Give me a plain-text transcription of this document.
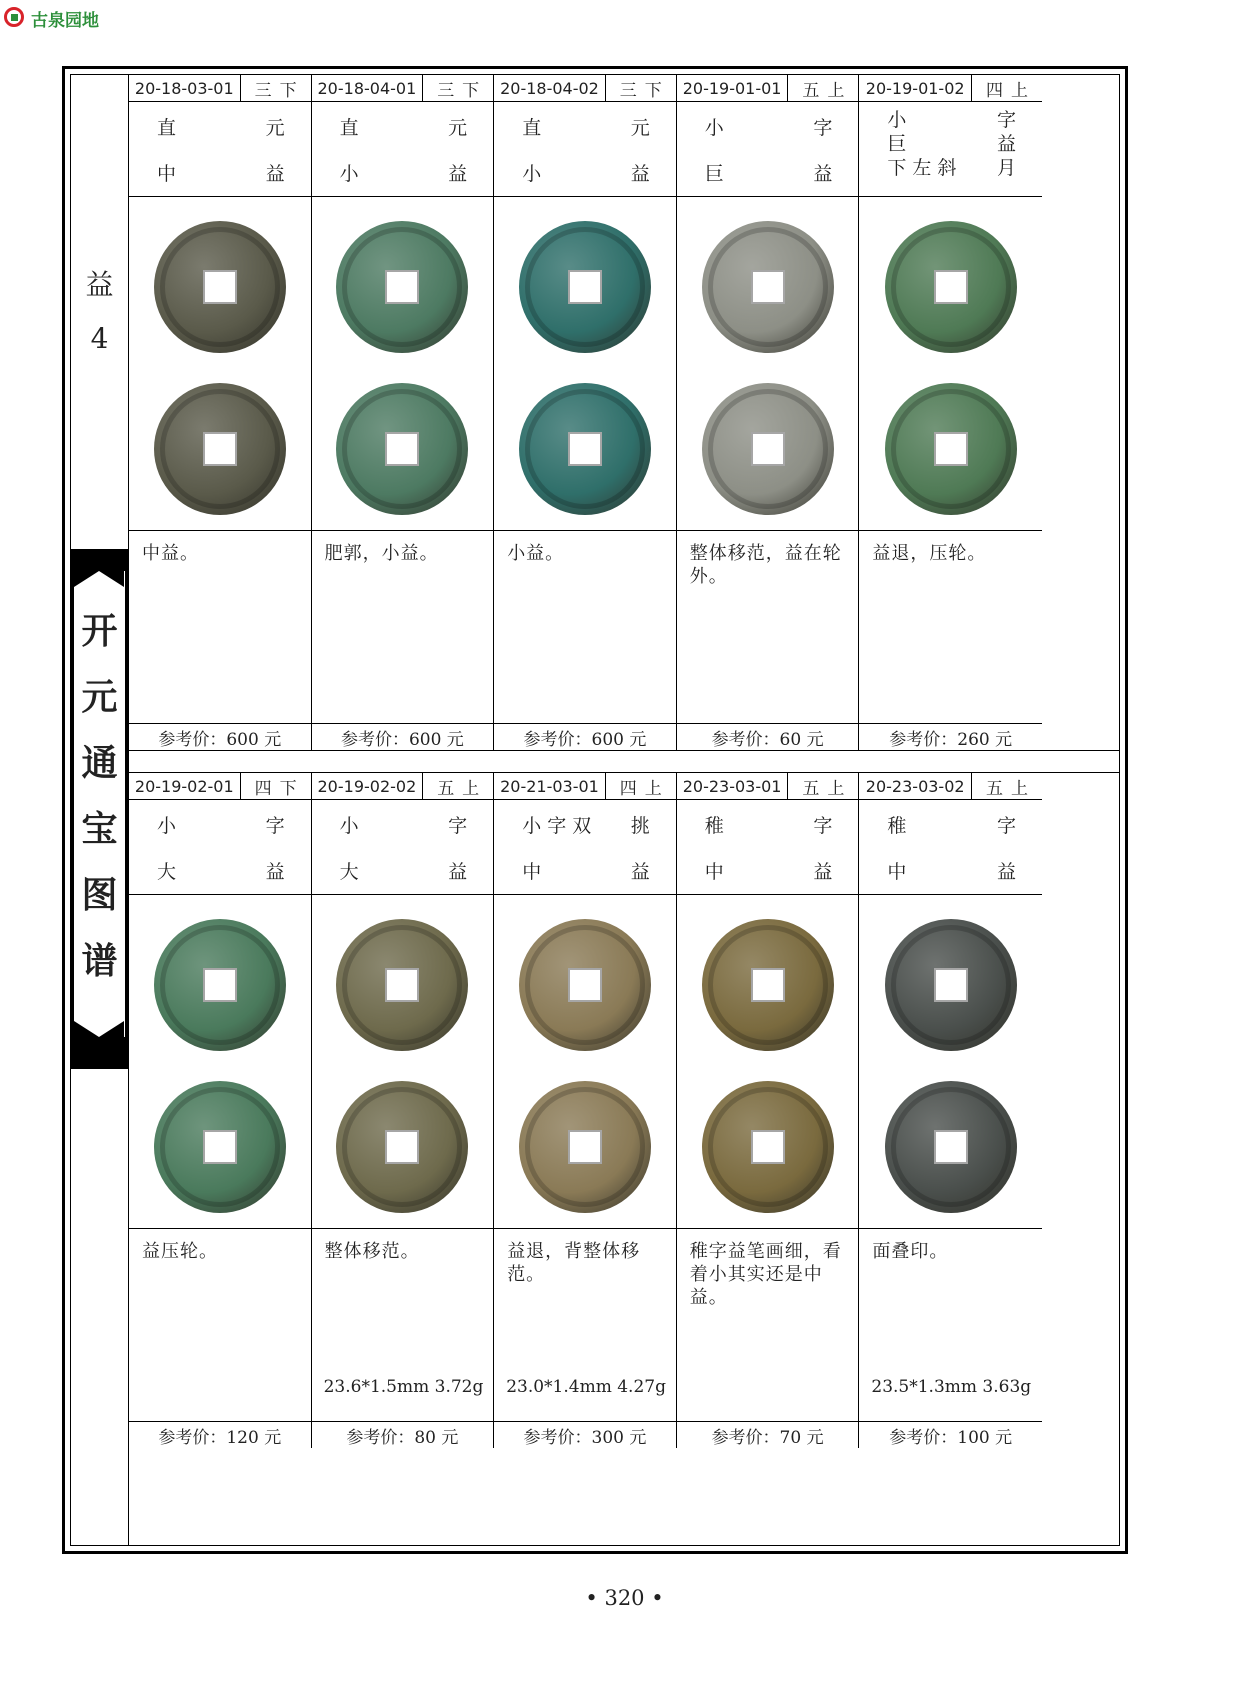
古泉园地
益
4
开
元
通
宝
图
谱
20-18-03-01	三下
直	元
中	益
中益。
参考价：600 元
20-18-04-01	三下
直	元
小	益
肥郭，小益。
参考价：600 元
20-18-04-02	三下
直	元
小	益
小益。
参考价：600 元
20-19-01-01	五上
小	字
巨	益
整体移范，益在轮外。
参考价：60 元
20-19-01-02	四上
小	字
巨	益
下 左 斜 月
益退，压轮。
参考价：260 元
20-19-02-01	四下
小	字
大	益
益压轮。
参考价：120 元
20-19-02-02	五上
小	字
大	益
整体移范。
23.6*1.5mm 3.72g
参考价：80 元
20-21-03-01	四上
小 字 双 挑
中	益
益退，背整体移范。
23.0*1.4mm 4.27g
参考价：300 元
20-23-03-01	五上
稚	字
中	益
稚字益笔画细，看着小其实还是中益。
参考价：70 元
20-23-03-02	五上
稚	字
中	益
面叠印。
23.5*1.3mm 3.63g
参考价：100 元
• 320 •
